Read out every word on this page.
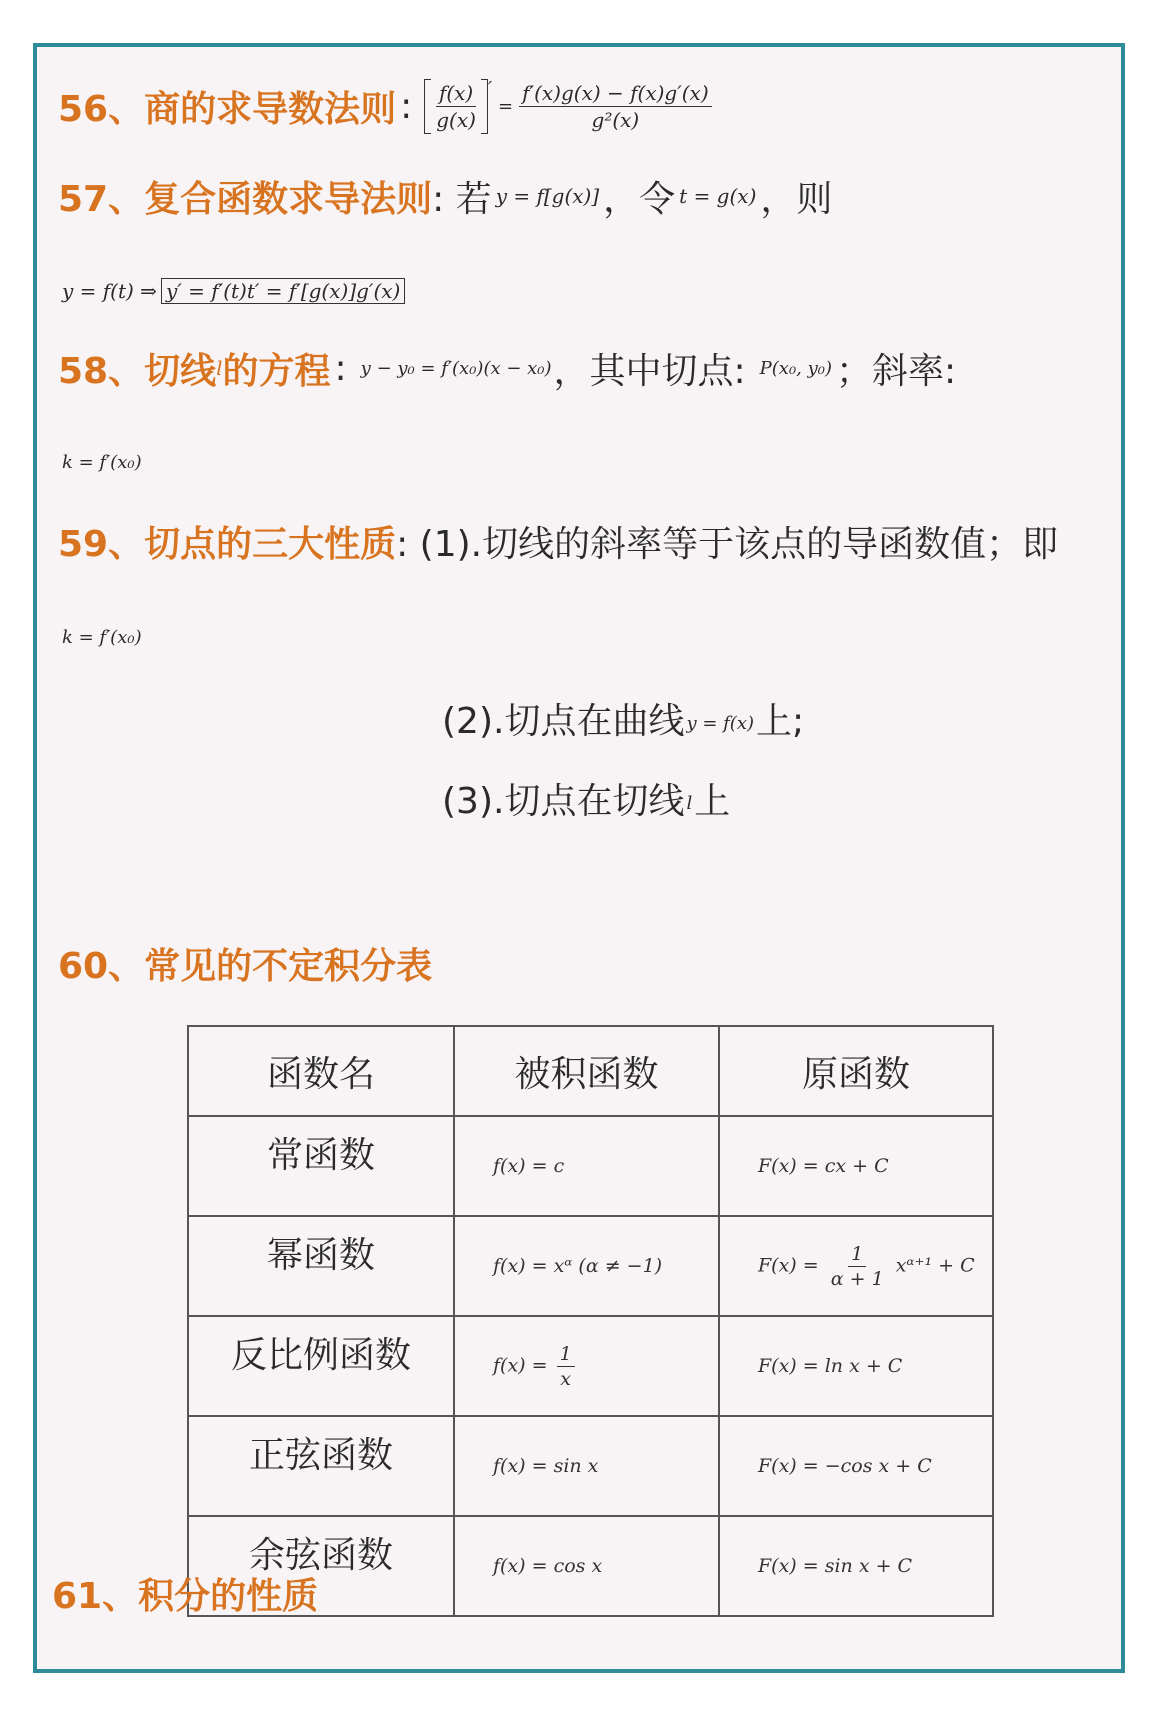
56、商的求导数法则 : $\frac{f(x)}{g(x)}$ ′
= $\frac{f'(x)g(x) - f(x)g'(x)}{\text{g²(x)}}$
57、复合函数求导法则 : 若 y = f[g(x)] ，令 t = g(x) ，则
y = f(t) ⇒ y′ = f′(t)t′ = f′[g(x)]g′(x)
58、切线 l 的方程 : y − y₀ = f′(x₀)(x − x₀) ，其中切点: P(x₀, y₀) ；斜率:
k = f′(x₀)
59、切点的三大性质 : (1).切线的斜率等于该点的导函数值；即
k = f′(x₀)
(2).切点在曲线 y = f(x) 上;
(3).切点在切线 l 上
60、常见的不定积分表
函数名	被积函数	原函数
常函数	f(x) = c	F(x) = cx + C
幂函数	f(x) = xᵅ (α ≠ −1)	$F(x) = \frac{1}{\alpha + 1}$ xᵅ⁺¹ + C
反比例函数	$f(x) = \frac{1}{x}$	F(x) = ln x + C
正弦函数	f(x) = sin x	F(x) = −cos x + C
余弦函数	f(x) = cos x	F(x) = sin x + C
61、积分的性质
